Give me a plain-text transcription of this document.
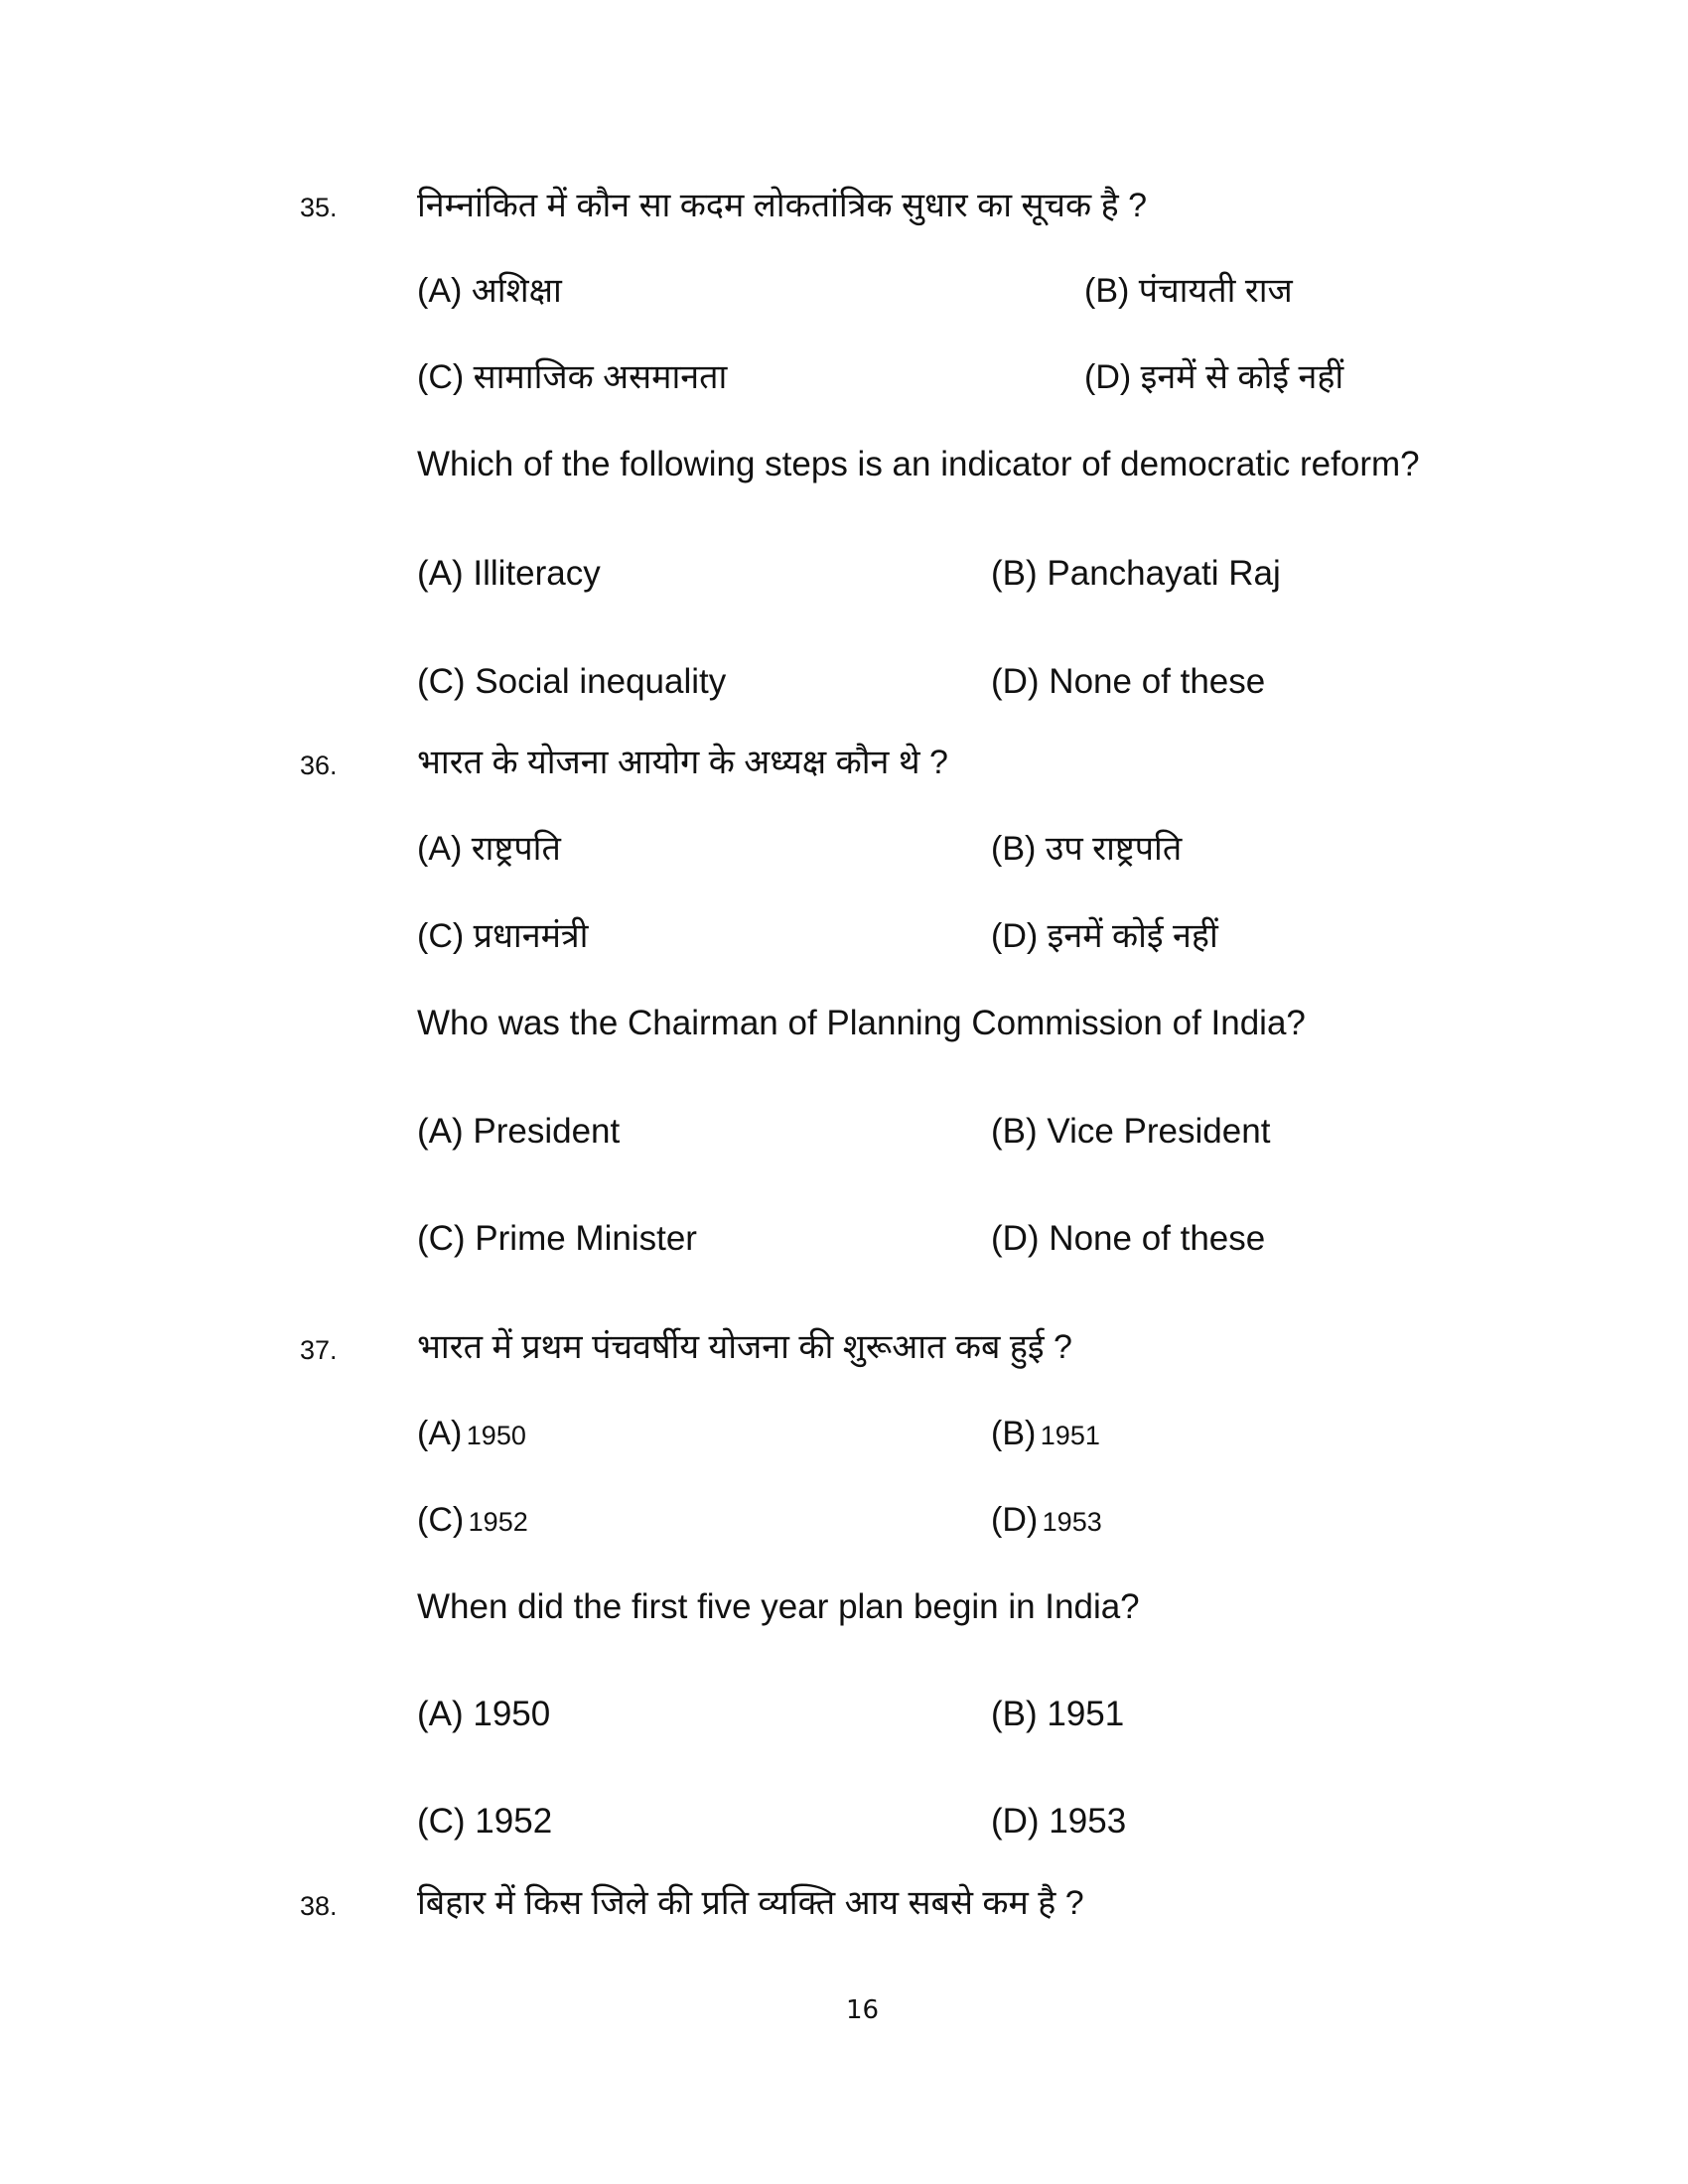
35. निम्नांकित में कौन सा कदम लोकतांत्रिक सुधार का सूचक है ?
(A) अशिक्षा	(B) पंचायती राज
(C) सामाजिक असमानता	(D) इनमें से कोई नहीं
Which of the following steps is an indicator of democratic reform?
(A) Illiteracy	(B) Panchayati Raj
(C) Social inequality	(D) None of these
36. भारत के योजना आयोग के अध्यक्ष कौन थे ?
(A) राष्ट्रपति	(B) उप राष्ट्रपति
(C) प्रधानमंत्री	(D) इनमें कोई नहीं
Who was the Chairman of Planning Commission of India?
(A) President	(B) Vice President
(C) Prime Minister	(D) None of these
37. भारत में प्रथम पंचवर्षीय योजना की शुरूआत कब हुई ?
(A) 1950	(B) 1951
(C) 1952	(D) 1953
When did the first five year plan begin in India?
(A) 1950	(B) 1951
(C) 1952	(D) 1953
38. बिहार में किस जिले की प्रति व्यक्ति आय सबसे कम है ?
16
